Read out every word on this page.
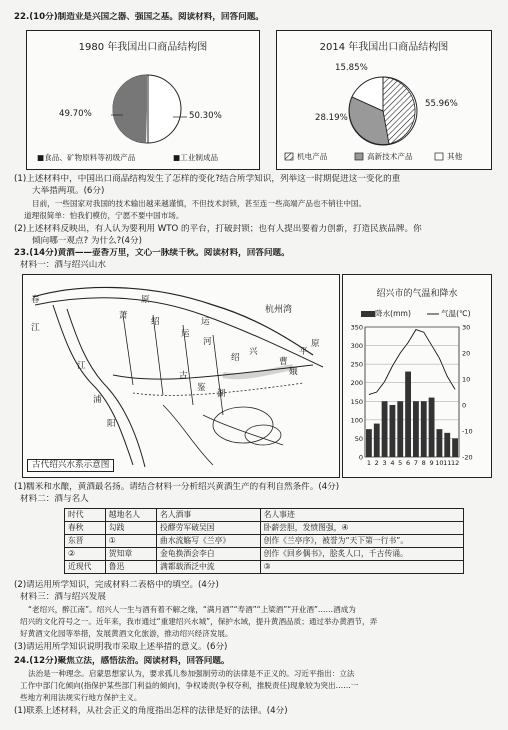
22.(10分)制造业是兴国之器、强国之基。阅读材料，回答问题。
1980 年我国出口商品结构图
49.70%	50.30%
■食品、矿物原料等初级产品	■工业制成品
2014 年我国出口商品结构图
15.85%
28.19%
55.96%
机电产品	高新技术产品	其他
(1)上述材料中，中国出口商品结构发生了怎样的变化?结合所学知识，列举这一时期促进这一变化的重
大举措两项。(6分)
目前，一些国家对我国的技术输出越来越谨慎，不但技术封锁，甚至连一些高端产品也不销往中国。
道理很简单：怕我们模仿，宁愿不要中国市场。
(2)上述材料反映出，有人认为要利用 WTO 的平台，打破封锁；也有人提出要着力创新，打造民族品牌。你
倾向哪一观点? 为什么?(4分)
23.(14分)黄酒——壶香万里，文心一脉续千秋。阅读材料，回答问题。
材料一：酒与绍兴山水
杭州湾
春
江
江
古
鉴
湖
萧
绍
运
河
曹
娥
平
原
浦
阳
绍
兴
原
运
古代绍兴水系示意图
绍兴市的气温和降水
350
300
250
200
150
100
50
0
30
20
10
0
-10
-20
1 2 3 4 5 6 7 8 9 10 11 12
降水(mm)	气温(℃)
(1)糯米和水酿，黄酒最名扬。请结合材料一分析绍兴黄酒生产的有利自然条件。(4分)
材料二：酒与名人
时代	越地名人	名人酒事	名人事迹
春秋	勾践	投醪劳军破吴国	卧薪尝胆，发愤图强，④
东晋	①	曲水流觞写《兰亭》	创作《兰亭序》，被誉为“天下第一行书”。
②	贺知章	金龟换酒会李白	创作《回乡偶书》，脍炙人口，千古传诵。
近现代	鲁迅	满都载酒泛中流	③
(2)请运用所学知识，完成材料二表格中的填空。(4分)
材料三：酒与绍兴发展
“老绍兴，醉江南”。绍兴人一生与酒有着不解之缘，“满月酒”“寿酒”“上梁酒”“开业酒”……酒成为
绍兴的文化符号之一。近年来，我市通过“重建绍兴水城”，保护水域，提升黄酒品质；通过举办黄酒节，弄
好黄酒文化园等举措，发展黄酒文化旅游，推动绍兴经济发展。
(3)请运用所学知识说明我市采取上述举措的意义。(6分)
24.(12分)聚焦立法，感悟法治。阅读材料，回答问题。
法治是一种理念。启蒙思想家认为，要求孤儿参加强制劳动的法律是不正义的。习近平指出：立法
工作中部门化倾向(指保护某些部门利益的倾向)，争权诿责(争权夺利，推脱责任)现象较为突出……一
些地方利用法规实行地方保护主义。
(1)联系上述材料，从社会正义的角度指出怎样的法律是好的法律。(4分)
